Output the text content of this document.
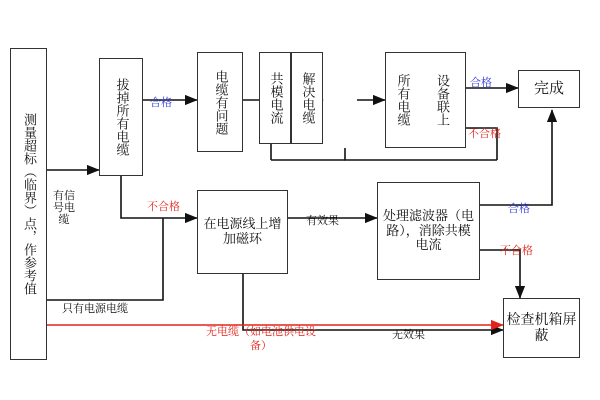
测量超标（临界）点，作参考值	拔掉所有电缆	电缆有问题	共模电流 解决电缆	所有电缆 设备联上	完成
在电源线上增加磁环
处理滤波器（电路），消除共模电流
检查机箱屏蔽

有信号电缆

合格

不合格

合格

不合格

合格

不合格

有效果

无效果

只有电源电缆

无电缆（如电池供电设备）
